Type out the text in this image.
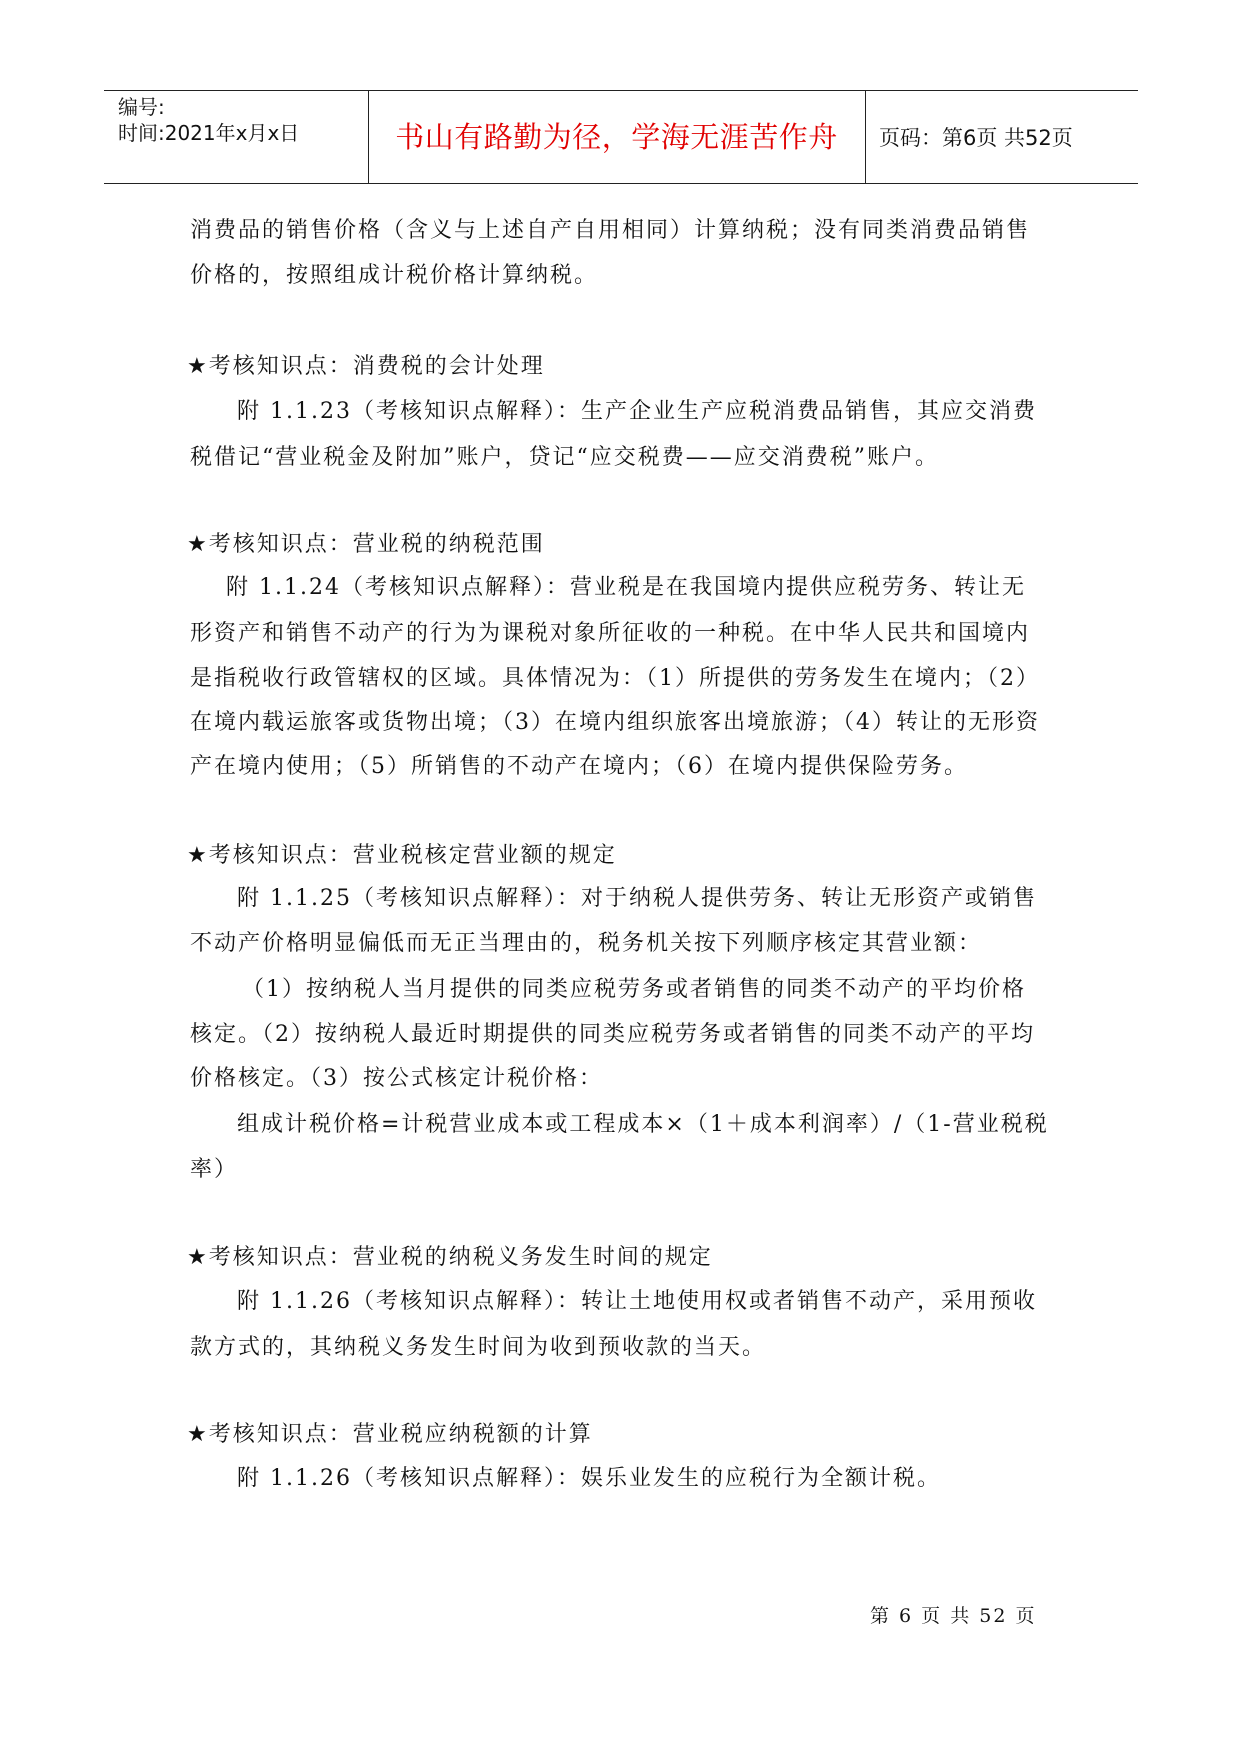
编号:
时间:2021年x月x日	书山有路勤为径，学海无涯苦作舟	页码：第6页 共52页
消费品的销售价格（含义与上述自产自用相同）计算纳税；没有同类消费品销售
价格的，按照组成计税价格计算纳税。
★考核知识点：消费税的会计处理
附 1.1.23（考核知识点解释）：生产企业生产应税消费品销售，其应交消费
税借记“营业税金及附加”账户，贷记“应交税费——应交消费税”账户。
★考核知识点：营业税的纳税范围
附 1.1.24（考核知识点解释）：营业税是在我国境内提供应税劳务、转让无
形资产和销售不动产的行为为课税对象所征收的一种税。在中华人民共和国境内
是指税收行政管辖权的区域。具体情况为：（1）所提供的劳务发生在境内；（2）
在境内载运旅客或货物出境；（3）在境内组织旅客出境旅游；（4）转让的无形资
产在境内使用；（5）所销售的不动产在境内；（6）在境内提供保险劳务。
★考核知识点：营业税核定营业额的规定
附 1.1.25（考核知识点解释）：对于纳税人提供劳务、转让无形资产或销售
不动产价格明显偏低而无正当理由的，税务机关按下列顺序核定其营业额：
（1）按纳税人当月提供的同类应税劳务或者销售的同类不动产的平均价格
核定。（2）按纳税人最近时期提供的同类应税劳务或者销售的同类不动产的平均
价格核定。（3）按公式核定计税价格：
组成计税价格=计税营业成本或工程成本×（1＋成本利润率）/（1-营业税税
率）
★考核知识点：营业税的纳税义务发生时间的规定
附 1.1.26（考核知识点解释）：转让土地使用权或者销售不动产，采用预收
款方式的，其纳税义务发生时间为收到预收款的当天。
★考核知识点：营业税应纳税额的计算
附 1.1.26（考核知识点解释）：娱乐业发生的应税行为全额计税。
第 6 页 共 52 页
